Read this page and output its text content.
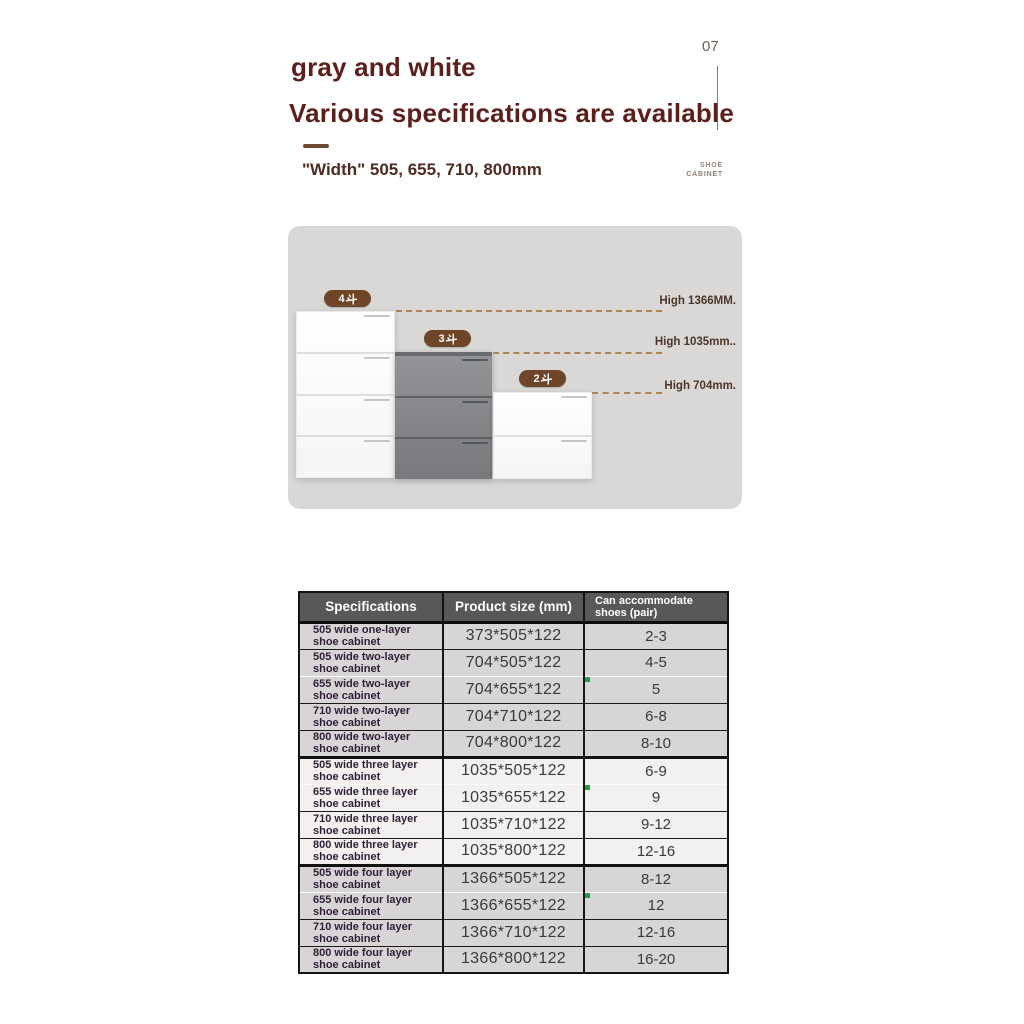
07
gray and white
Various specifications are available
"Width" 505, 655, 710, 800mm	SHOE
CABINET
4
3
2
High 1366MM.
High 1035mm..
High 704mm.
Specifications	Product size (mm)	Can accommodate shoes (pair)

505 wide one-layer
shoe cabinet	373*505*122	2-3

505 wide two-layer
shoe cabinet	704*505*122	4-5

655 wide two-layer
shoe cabinet	704*655*122	5

710 wide two-layer
shoe cabinet	704*710*122	6-8

800 wide two-layer
shoe cabinet	704*800*122	8-10

505 wide three layer
shoe cabinet	1035*505*122	6-9

655 wide three layer
shoe cabinet	1035*655*122	9

710 wide three layer
shoe cabinet	1035*710*122	9-12

800 wide three layer
shoe cabinet	1035*800*122	12-16

505 wide four layer
shoe cabinet	1366*505*122	8-12

655 wide four layer
shoe cabinet	1366*655*122	12

710 wide four layer
shoe cabinet	1366*710*122	12-16

800 wide four layer
shoe cabinet	1366*800*122	16-20
